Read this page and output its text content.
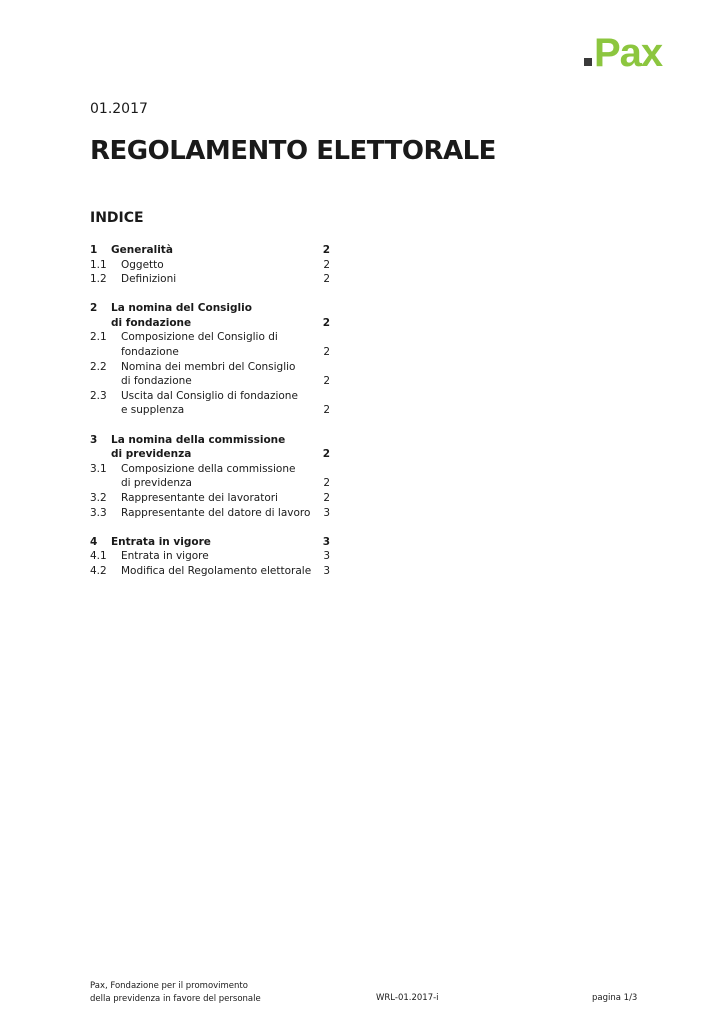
Pax
01.2017
REGOLAMENTO ELETTORALE
INDICE
1	Generalità	2
1.1	Oggetto	2
1.2	Definizioni	2
2	La nomina del Consiglio
di fondazione	2
2.1	Composizione del Consiglio di
fondazione	2
2.2	Nomina dei membri del Consiglio
di fondazione	2
2.3	Uscita dal Consiglio di fondazione
e supplenza	2
3	La nomina della commissione
di previdenza	2
3.1	Composizione della commissione
di previdenza	2
3.2	Rappresentante dei lavoratori	2
3.3	Rappresentante del datore di lavoro	3
4	Entrata in vigore	3
4.1	Entrata in vigore	3
4.2	Modifica del Regolamento elettorale	3
Pax, Fondazione per il promovimento
della previdenza in favore del personale	WRL-01.2017-i	pagina 1/3
